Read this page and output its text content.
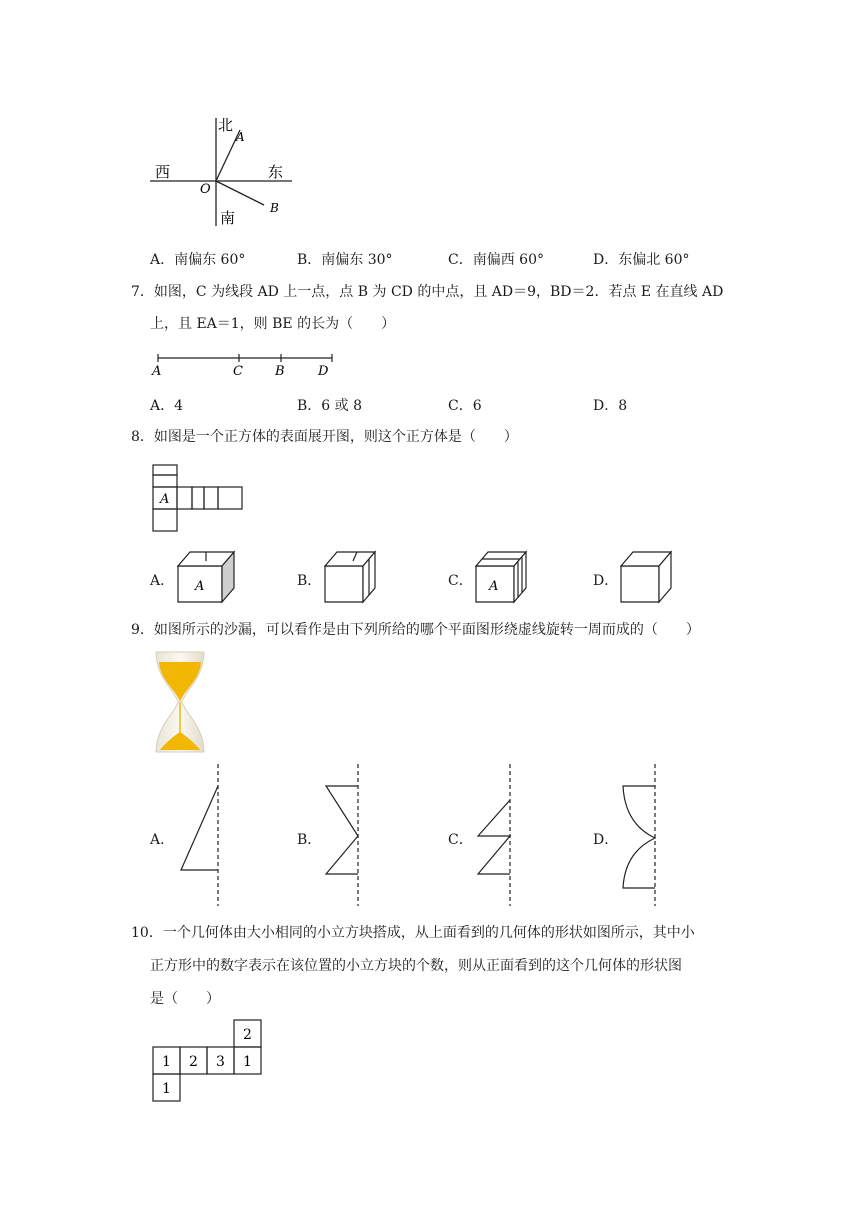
北
A
西	东
O
南
B
A．南偏东 60°	B．南偏东 30°	C．南偏西 60°	D．东偏北 60°
7．如图，C 为线段 AD 上一点，点 B 为 CD 的中点，且 AD＝9，BD＝2．若点 E 在直线 AD
上，且 EA＝1，则 BE 的长为（　　）
A	C B	D
A．4	B．6 或 8	C．6	D．8
8．如图是一个正方体的表面展开图，则这个正方体是（　　）
A
A． A	B．	C． A	D．
9．如图所示的沙漏，可以看作是由下列所给的哪个平面图形绕虚线旋转一周而成的（　　）
A．	B．	C．	D．
10．一个几何体由大小相同的小立方块搭成，从上面看到的几何体的形状如图所示，其中小
正方形中的数字表示在该位置的小立方块的个数，则从正面看到的这个几何体的形状图
是（　　）
2
1 2 3 1
1
